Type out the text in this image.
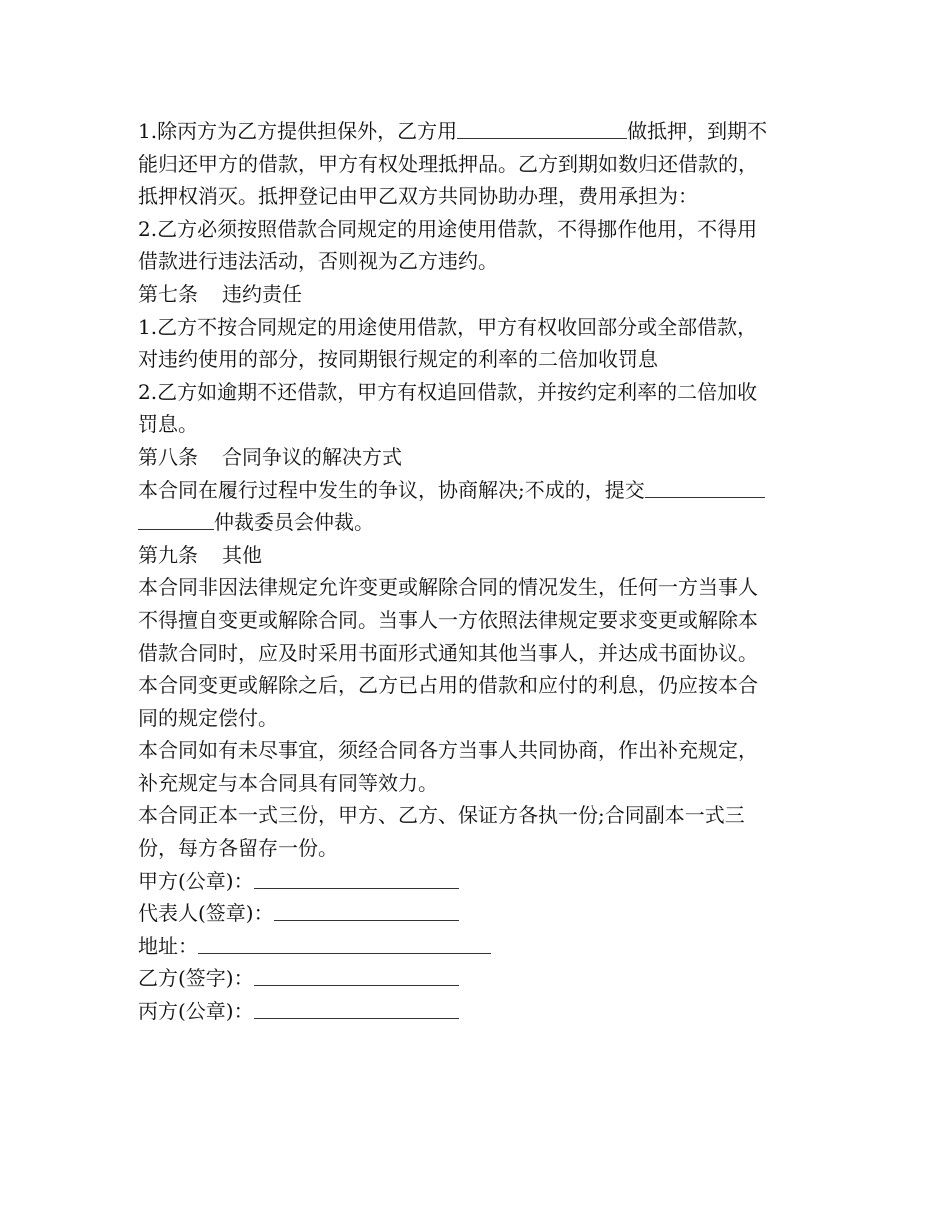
1.除丙方为乙方提供担保外，乙方用	做抵押，到期不
能归还甲方的借款，甲方有权处理抵押品。乙方到期如数归还借款的，
抵押权消灭。抵押登记由甲乙双方共同协助办理，费用承担为：
2.乙方必须按照借款合同规定的用途使用借款，不得挪作他用，不得用
借款进行违法活动，否则视为乙方违约。
第七条 违约责任
1.乙方不按合同规定的用途使用借款，甲方有权收回部分或全部借款，
对违约使用的部分，按同期银行规定的利率的二倍加收罚息
2.乙方如逾期不还借款，甲方有权追回借款，并按约定利率的二倍加收
罚息。
第八条 合同争议的解决方式
本合同在履行过程中发生的争议，协商解决;不成的，提交
仲裁委员会仲裁。
第九条 其他
本合同非因法律规定允许变更或解除合同的情况发生，任何一方当事人
不得擅自变更或解除合同。当事人一方依照法律规定要求变更或解除本
借款合同时，应及时采用书面形式通知其他当事人，并达成书面协议。
本合同变更或解除之后，乙方已占用的借款和应付的利息，仍应按本合
同的规定偿付。
本合同如有未尽事宜，须经合同各方当事人共同协商，作出补充规定，
补充规定与本合同具有同等效力。
本合同正本一式三份，甲方、乙方、保证方各执一份;合同副本一式三
份，每方各留存一份。
甲方(公章)：
代表人(签章)：
地址：
乙方(签字)：
丙方(公章)：
